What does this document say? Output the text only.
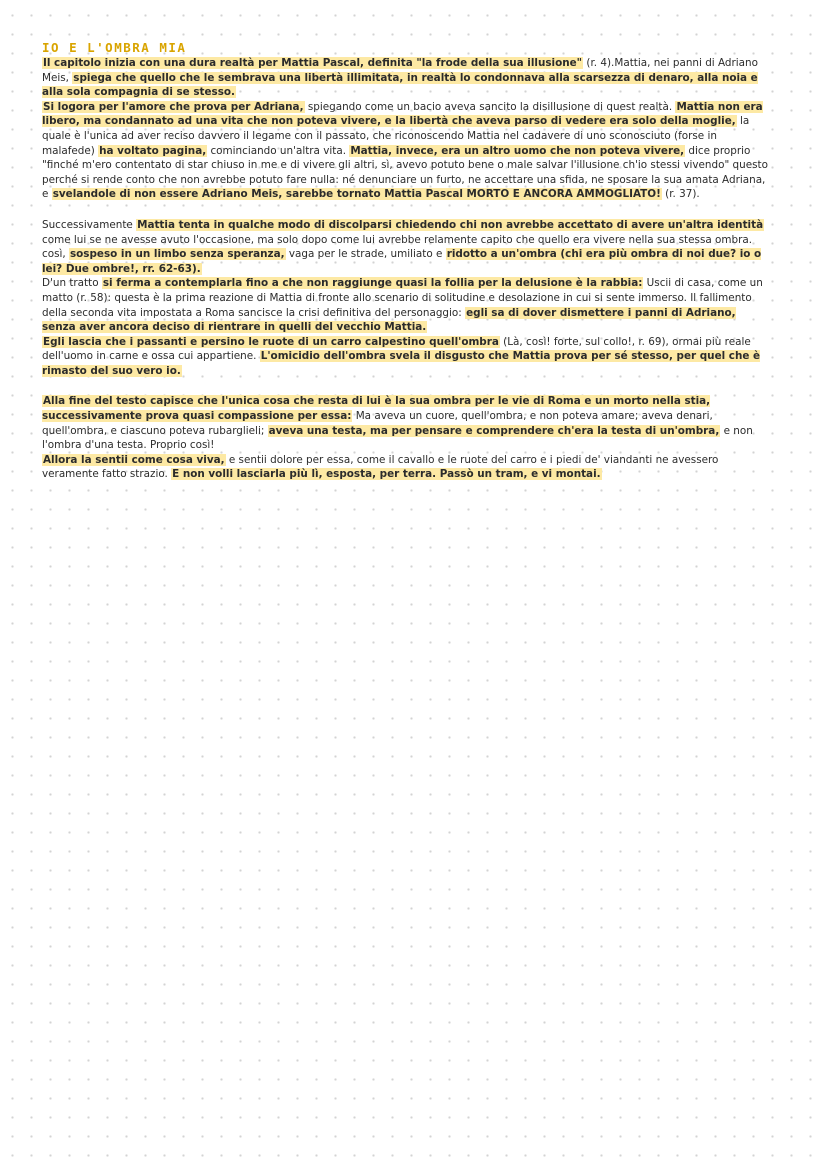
IO E L'OMBRA MIA

Il capitolo inizia con una dura realtà per Mattia Pascal, definita "la frode della sua illusione" (r. 4).Mattia, nei panni di Adriano Meis, spiega che quello che le sembrava una libertà illimitata, in realtà lo condonnava alla scarsezza di denaro, alla noia e alla sola compagnia di se stesso.

Si logora per l'amore che prova per Adriana, spiegando come un bacio aveva sancito la disillusione di quest realtà. Mattia non era libero, ma condannato ad una vita che non poteva vivere, e la libertà che aveva parso di vedere era solo della moglie, la quale è l'unica ad aver reciso davvero il legame con il passato, che riconoscendo Mattia nel cadavere di uno sconosciuto (forse in malafede) ha voltato pagina, cominciando un'altra vita. Mattia, invece, era un altro uomo che non poteva vivere, dice proprio "finché m'ero contentato di star chiuso in me e di vivere gli altri, sì, avevo potuto bene o male salvar l'illusione ch'io stessi vivendo" questo perché si rende conto che non avrebbe potuto fare nulla: né denunciare un furto, ne accettare una sfida, ne sposare la sua amata Adriana, e svelandole di non essere Adriano Meis, sarebbe tornato Mattia Pascal MORTO E ANCORA AMMOGLIATO! (r. 37).

Successivamente Mattia tenta in qualche modo di discolparsi chiedendo chi non avrebbe accettato di avere un'altra identità come lui se ne avesse avuto l'occasione, ma solo dopo come lui avrebbe relamente capito che quello era vivere nella sua stessa ombra. così, sospeso in un limbo senza speranza, vaga per le strade, umiliato e ridotto a un'ombra (chi era più ombra di noi due? io o lei? Due ombre!, rr. 62-63).

D'un tratto si ferma a contemplarla fino a che non raggiunge quasi la follia per la delusione è la rabbia: Uscii di casa, come un matto (r. 58): questa è la prima reazione di Mattia di fronte allo scenario di solitudine e desolazione in cui si sente immerso. Il fallimento della seconda vita impostata a Roma sancisce la crisi definitiva del personaggio: egli sa di dover dismettere i panni di Adriano, senza aver ancora deciso di rientrare in quelli del vecchio Mattia.

Egli lascia che i passanti e persino le ruote di un carro calpestino quell'ombra (Là, così! forte, sul collo!, r. 69), ormai più reale dell'uomo in carne e ossa cui appartiene. L'omicidio dell'ombra svela il disgusto che Mattia prova per sé stesso, per quel che è rimasto del suo vero io.

Alla fine del testo capisce che l'unica cosa che resta di lui è la sua ombra per le vie di Roma e un morto nella stia, successivamente prova quasi compassione per essa: Ma aveva un cuore, quell'ombra, e non poteva amare; aveva denari, quell'ombra, e ciascuno poteva rubarglieli; aveva una testa, ma per pensare e comprendere ch'era la testa di un'ombra, e non l'ombra d'una testa. Proprio così!

Allora la sentii come cosa viva, e sentii dolore per essa, come il cavallo e le ruote del carro e i piedi de' viandanti ne avessero veramente fatto strazio. E non volli lasciarla più lì, esposta, per terra. Passò un tram, e vi montai.
